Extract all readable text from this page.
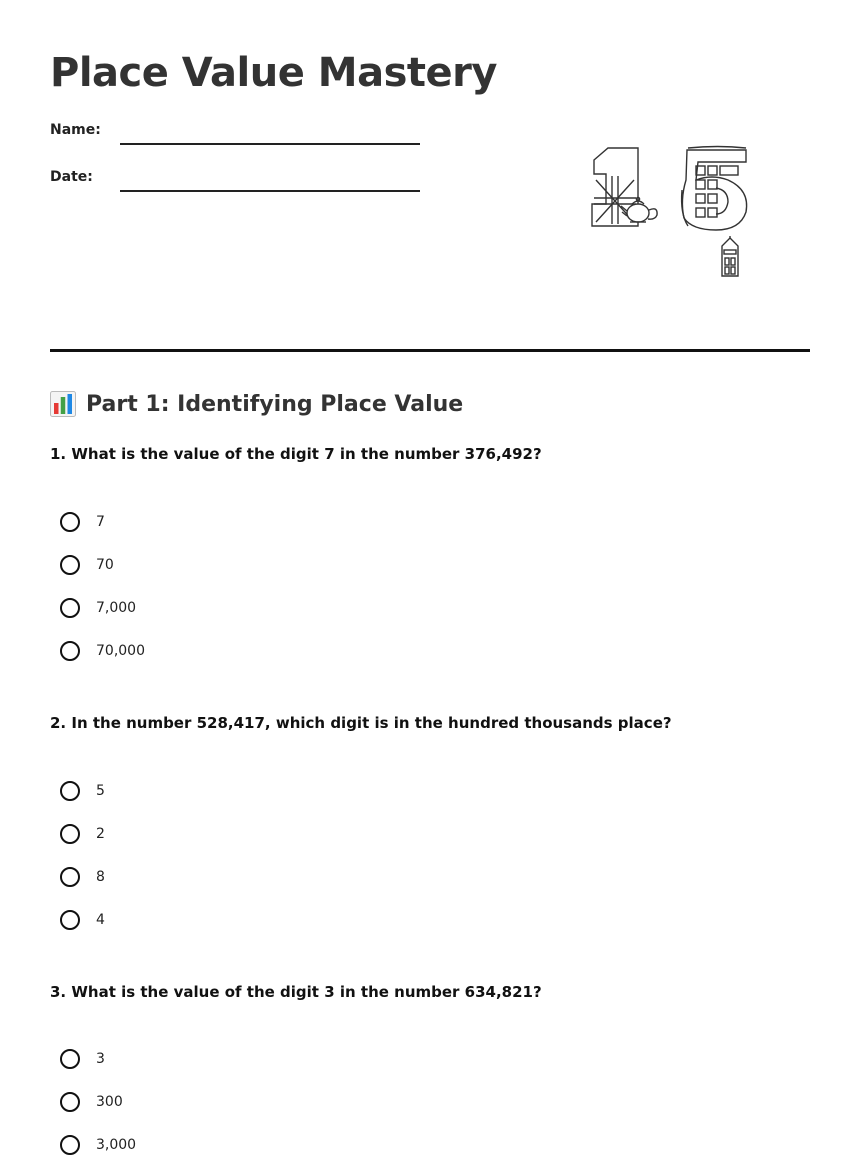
Place Value Mastery
Name:
Date:
Part 1: Identifying Place Value
1. What is the value of the digit 7 in the number 376,492?
7
70
7,000
70,000
2. In the number 528,417, which digit is in the hundred thousands place?
5
2
8
4
3. What is the value of the digit 3 in the number 634,821?
3
300
3,000
